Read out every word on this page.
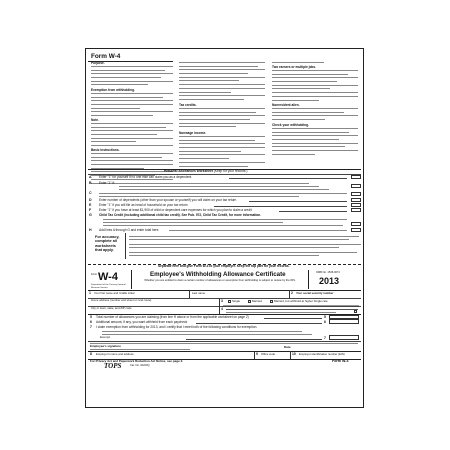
Form W-4
Purpose.
Exemption from withholding.
Note.
Basic instructions.
Tax credits.
Nonwage income.
Two earners or multiple jobs.
Nonresident alien.
Check your withholding.
Personal Allowances Worksheet (Keep for your records.)
A Enter "1" for yourself if no one else can claim you as a dependent
B Enter "1" if:
C
D Enter number of dependents (other than your spouse or yourself) you will claim on your tax return
E Enter "1" if you will file as head of household on your tax return
F Enter "1" if you have at least $1,900 of child or dependent care expenses for which you plan to claim a credit
G Child Tax Credit (including additional child tax credit). See Pub. 972, Child Tax Credit, for more information.
H Add lines A through G and enter total here.
For accuracy, complete all worksheets that apply.
Separate here and give Form W-4 to your employer. Keep the top part for your records.
Form W-4
Department of the Treasury Internal Revenue Service
Employee's Withholding Allowance Certificate
Whether you are entitled to claim a certain number of allowances or exemption from withholding is subject to review by the IRS.
OMB No. 1545-0074
2013
1 Your first name and middle initial	Last name	2 Your social security number
Home address (number and street or rural route)	3	Single	Married	Married, but withhold at higher Single rate.
City or town, state, and ZIP code	4
5 Total number of allowances you are claiming (from line H above or from the applicable worksheet on page 2)	5
6 Additional amount, if any, you want withheld from each paycheck	6
7 I claim exemption from withholding for 2013, and I certify that I meet both of the following conditions for exemption.
Exempt	7
Employee's signature	Date
8 Employer's name and address	9 Office code	10 Employer identification number (EIN)
For Privacy Act and Paperwork Reduction Act Notice, see page 2.
Cat. No. 10220Q
Form W-4
TOPS
